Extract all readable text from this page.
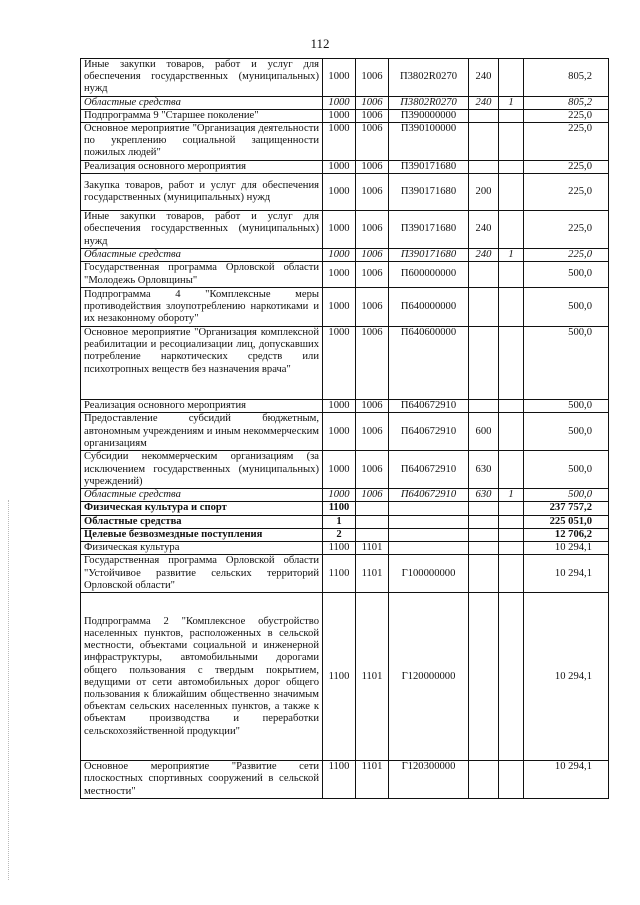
112
Иные закупки товаров, работ и услуг для обеспечения государственных (муниципальных) нужд	1000	1006	П3802R0270	240		805,2
Областные средства	1000	1006	П3802R0270	240	1	805,2
Подпрограмма 9 "Старшее поколение"	1000	1006	П390000000			225,0
Основное мероприятие "Организация деятельности по укреплению социальной защищенности пожилых людей"	1000	1006	П390100000			225,0
Реализация основного мероприятия	1000	1006	П390171680			225,0
Закупка товаров, работ и услуг для обеспечения государственных (муниципальных) нужд	1000	1006	П390171680	200		225,0
Иные закупки товаров, работ и услуг для обеспечения государственных (муниципальных) нужд	1000	1006	П390171680	240		225,0
Областные средства	1000	1006	П390171680	240	1	225,0
Государственная программа Орловской области "Молодежь Орловщины"	1000	1006	П600000000			500,0
Подпрограмма 4 "Комплексные меры противодействия злоупотреблению наркотиками и их незаконному обороту"	1000	1006	П640000000			500,0
Основное мероприятие "Организация комплексной реабилитации и ресоциализации лиц, допускавших потребление наркотических средств или психотропных веществ без назначения врача"	1000	1006	П640600000			500,0
Реализация основного мероприятия	1000	1006	П640672910			500,0
Предоставление субсидий бюджетным, автономным учреждениям и иным некоммерческим организациям	1000	1006	П640672910	600		500,0
Субсидии некоммерческим организациям (за исключением государственных (муниципальных) учреждений)	1000	1006	П640672910	630		500,0
Областные средства	1000	1006	П640672910	630	1	500,0
Физическая культура и спорт	1100					237 757,2
Областные средства	1					225 051,0
Целевые безвозмездные поступления	2					12 706,2
Физическая культура	1100	1101				10 294,1
Государственная программа Орловской области "Устойчивое развитие сельских территорий Орловской области"	1100	1101	Г100000000			10 294,1
Подпрограмма 2 "Комплексное обустройство населенных пунктов, расположенных в сельской местности, объектами социальной и инженерной инфраструктуры, автомобильными дорогами общего пользования с твердым покрытием, ведущими от сети автомобильных дорог общего пользования к ближайшим общественно значимым объектам сельских населенных пунктов, а также к объектам производства и переработки сельскохозяйственной продукции"	1100	1101	Г120000000			10 294,1
Основное мероприятие "Развитие сети плоскостных спортивных сооружений в сельской местности"	1100	1101	Г120300000			10 294,1
